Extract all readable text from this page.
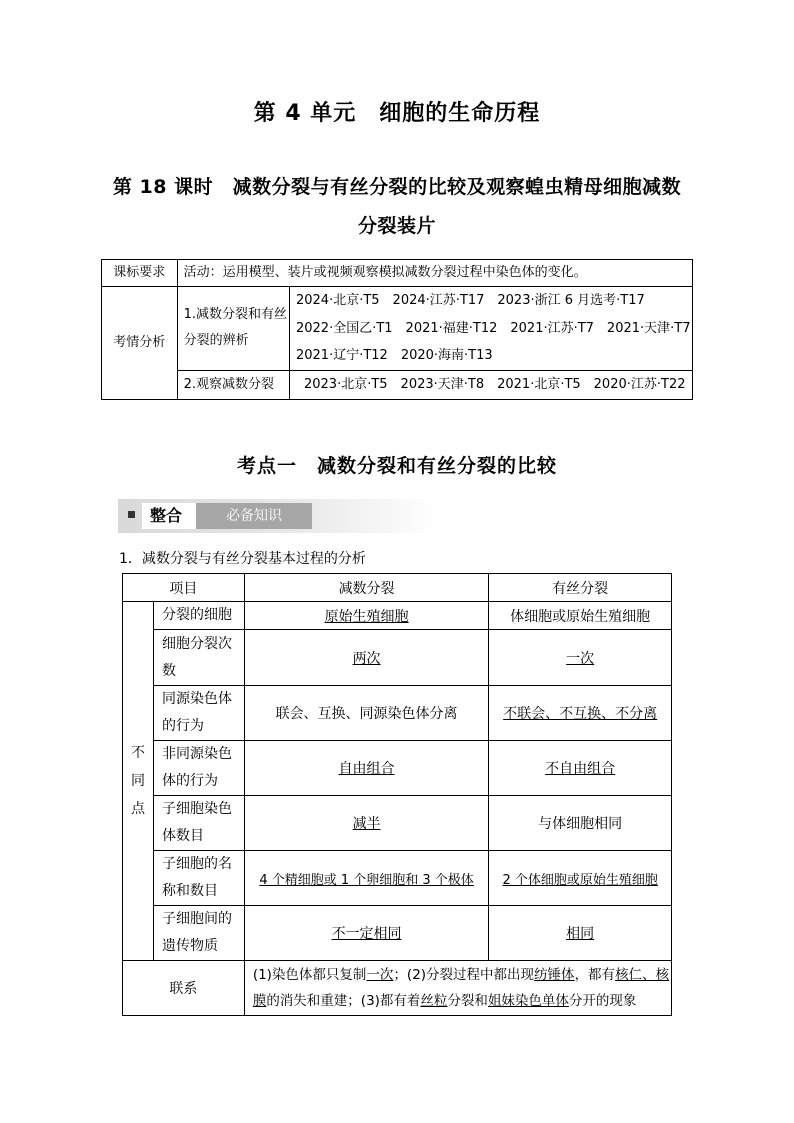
第 4 单元　细胞的生命历程
第 18 课时　减数分裂与有丝分裂的比较及观察蝗虫精母细胞减数分裂装片
课标要求	活动：运用模型、装片或视频观察模拟减数分裂过程中染色体的变化。	
考情分析	1.减数分裂和有丝分裂的辨析	2024·北京·T5　2024·江苏·T17　2023·浙江 6 月选考·T17
2022·全国乙·T1　2021·福建·T12　2021·江苏·T7　2021·天津·T7
2021·辽宁·T12　2020·海南·T13

	2.观察减数分裂	2023·北京·T5　2023·天津·T8　2021·北京·T5　2020·江苏·T22
考点一　减数分裂和有丝分裂的比较
整合	必备知识
1．减数分裂与有丝分裂基本过程的分析
项目		减数分裂	有丝分裂

不同点	分裂的细胞	原始生殖细胞	体细胞或原始生殖细胞
	细胞分裂次数	两次	一次
	同源染色体的行为	联会、互换、同源染色体分离	不联会、不互换、不分离
	非同源染色体的行为	自由组合	不自由组合
	子细胞染色体数目	减半	与体细胞相同
	子细胞的名称和数目	4 个精细胞或 1 个卵细胞和 3 个极体	2 个体细胞或原始生殖细胞
	子细胞间的遗传物质	不一定相同	相同
联系		(1)染色体都只复制一次；(2)分裂过程中都出现纺锤体，都有核仁、核膜的消失和重建；(3)都有着丝粒分裂和姐妹染色单体分开的现象	
